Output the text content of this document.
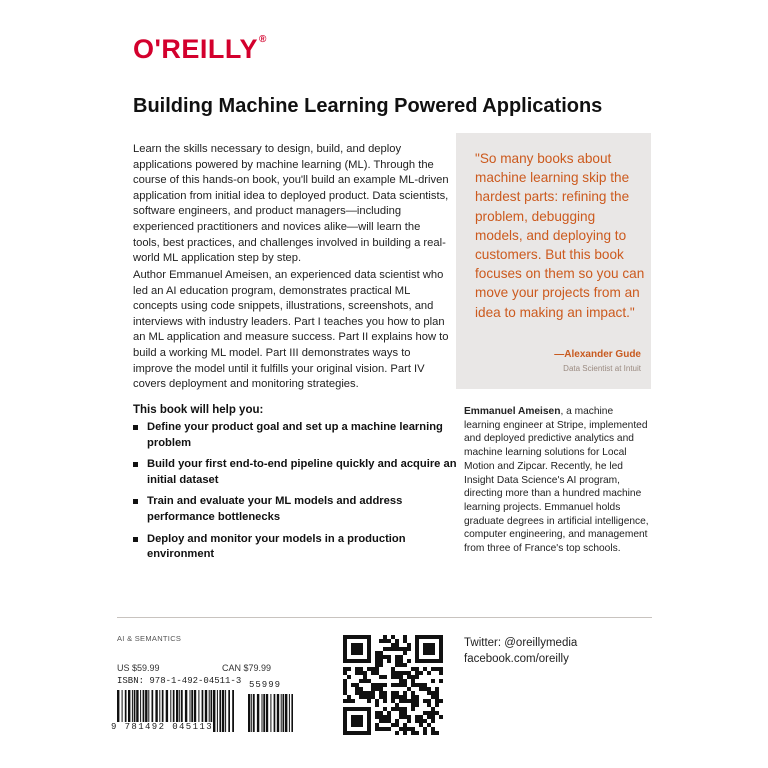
O'REILLY®
Building Machine Learning Powered Applications

Learn the skills necessary to design, build, and deploy applications powered by machine learning (ML). Through the course of this hands-on book, you'll build an example ML-driven application from initial idea to deployed product. Data scientists, software engineers, and product managers—including experienced practitioners and novices alike—will learn the tools, best practices, and challenges involved in building a real-world ML application step by step.

Author Emmanuel Ameisen, an experienced data scientist who led an AI education program, demonstrates practical ML concepts using code snippets, illustrations, screenshots, and interviews with industry leaders. Part I teaches you how to plan an ML application and measure success. Part II explains how to build a working ML model. Part III demonstrates ways to improve the model until it fulfills your original vision. Part IV covers deployment and monitoring strategies.

This book will help you:
Define your product goal and set up a machine learning problem
Build your first end-to-end pipeline quickly and acquire an initial dataset
Train and evaluate your ML models and address performance bottlenecks
Deploy and monitor your models in a production environment

"So many books about machine learning skip the hardest parts: refining the problem, debugging models, and deploying to customers. But this book focuses on them so you can move your projects from an idea to making an impact."

—Alexander Gude
Data Scientist at Intuit

Emmanuel Ameisen, a machine learning engineer at Stripe, implemented and deployed predictive analytics and machine learning solutions for Local Motion and Zipcar. Recently, he led Insight Data Science's AI program, directing more than a hundred machine learning projects. Emmanuel holds graduate degrees in artificial intelligence, computer engineering, and management from three of France's top schools.

AI & SEMANTICS
US $59.99	CAN $79.99
ISBN: 978-1-492-04511-3
9 781492 045113
55999
Twitter: @oreillymedia
facebook.com/oreilly
